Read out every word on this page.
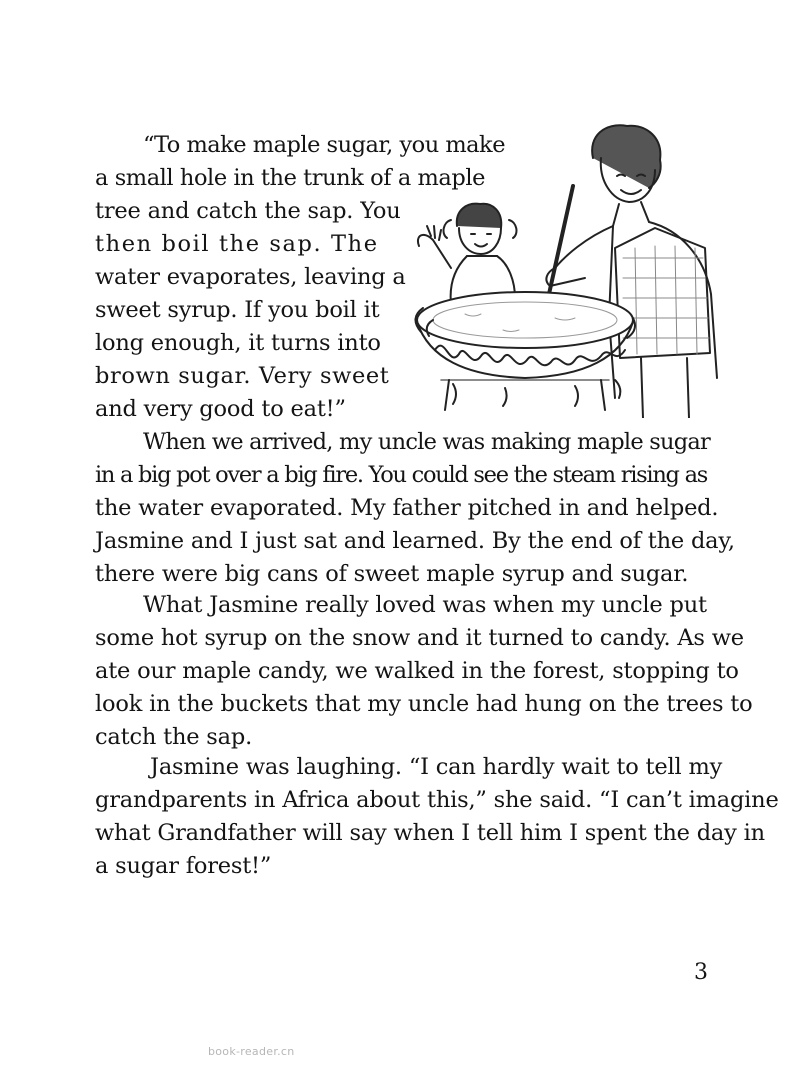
“To make maple sugar, you make
a small hole in the trunk of a maple
tree and catch the sap. You
then boil the sap. The
water evaporates, leaving a
sweet syrup. If you boil it
long enough, it turns into
brown sugar. Very sweet
and very good to eat!”
When we arrived, my uncle was making maple sugar
in a big pot over a big fire. You could see the steam rising as
the water evaporated. My father pitched in and helped.
Jasmine and I just sat and learned. By the end of the day,
there were big cans of sweet maple syrup and sugar.
What Jasmine really loved was when my uncle put
some hot syrup on the snow and it turned to candy. As we
ate our maple candy, we walked in the forest, stopping to
look in the buckets that my uncle had hung on the trees to
catch the sap.
Jasmine was laughing. “I can hardly wait to tell my
grandparents in Africa about this,” she said. “I can’t imagine
what Grandfather will say when I tell him I spent the day in
a sugar forest!”
3
book-reader.cn
